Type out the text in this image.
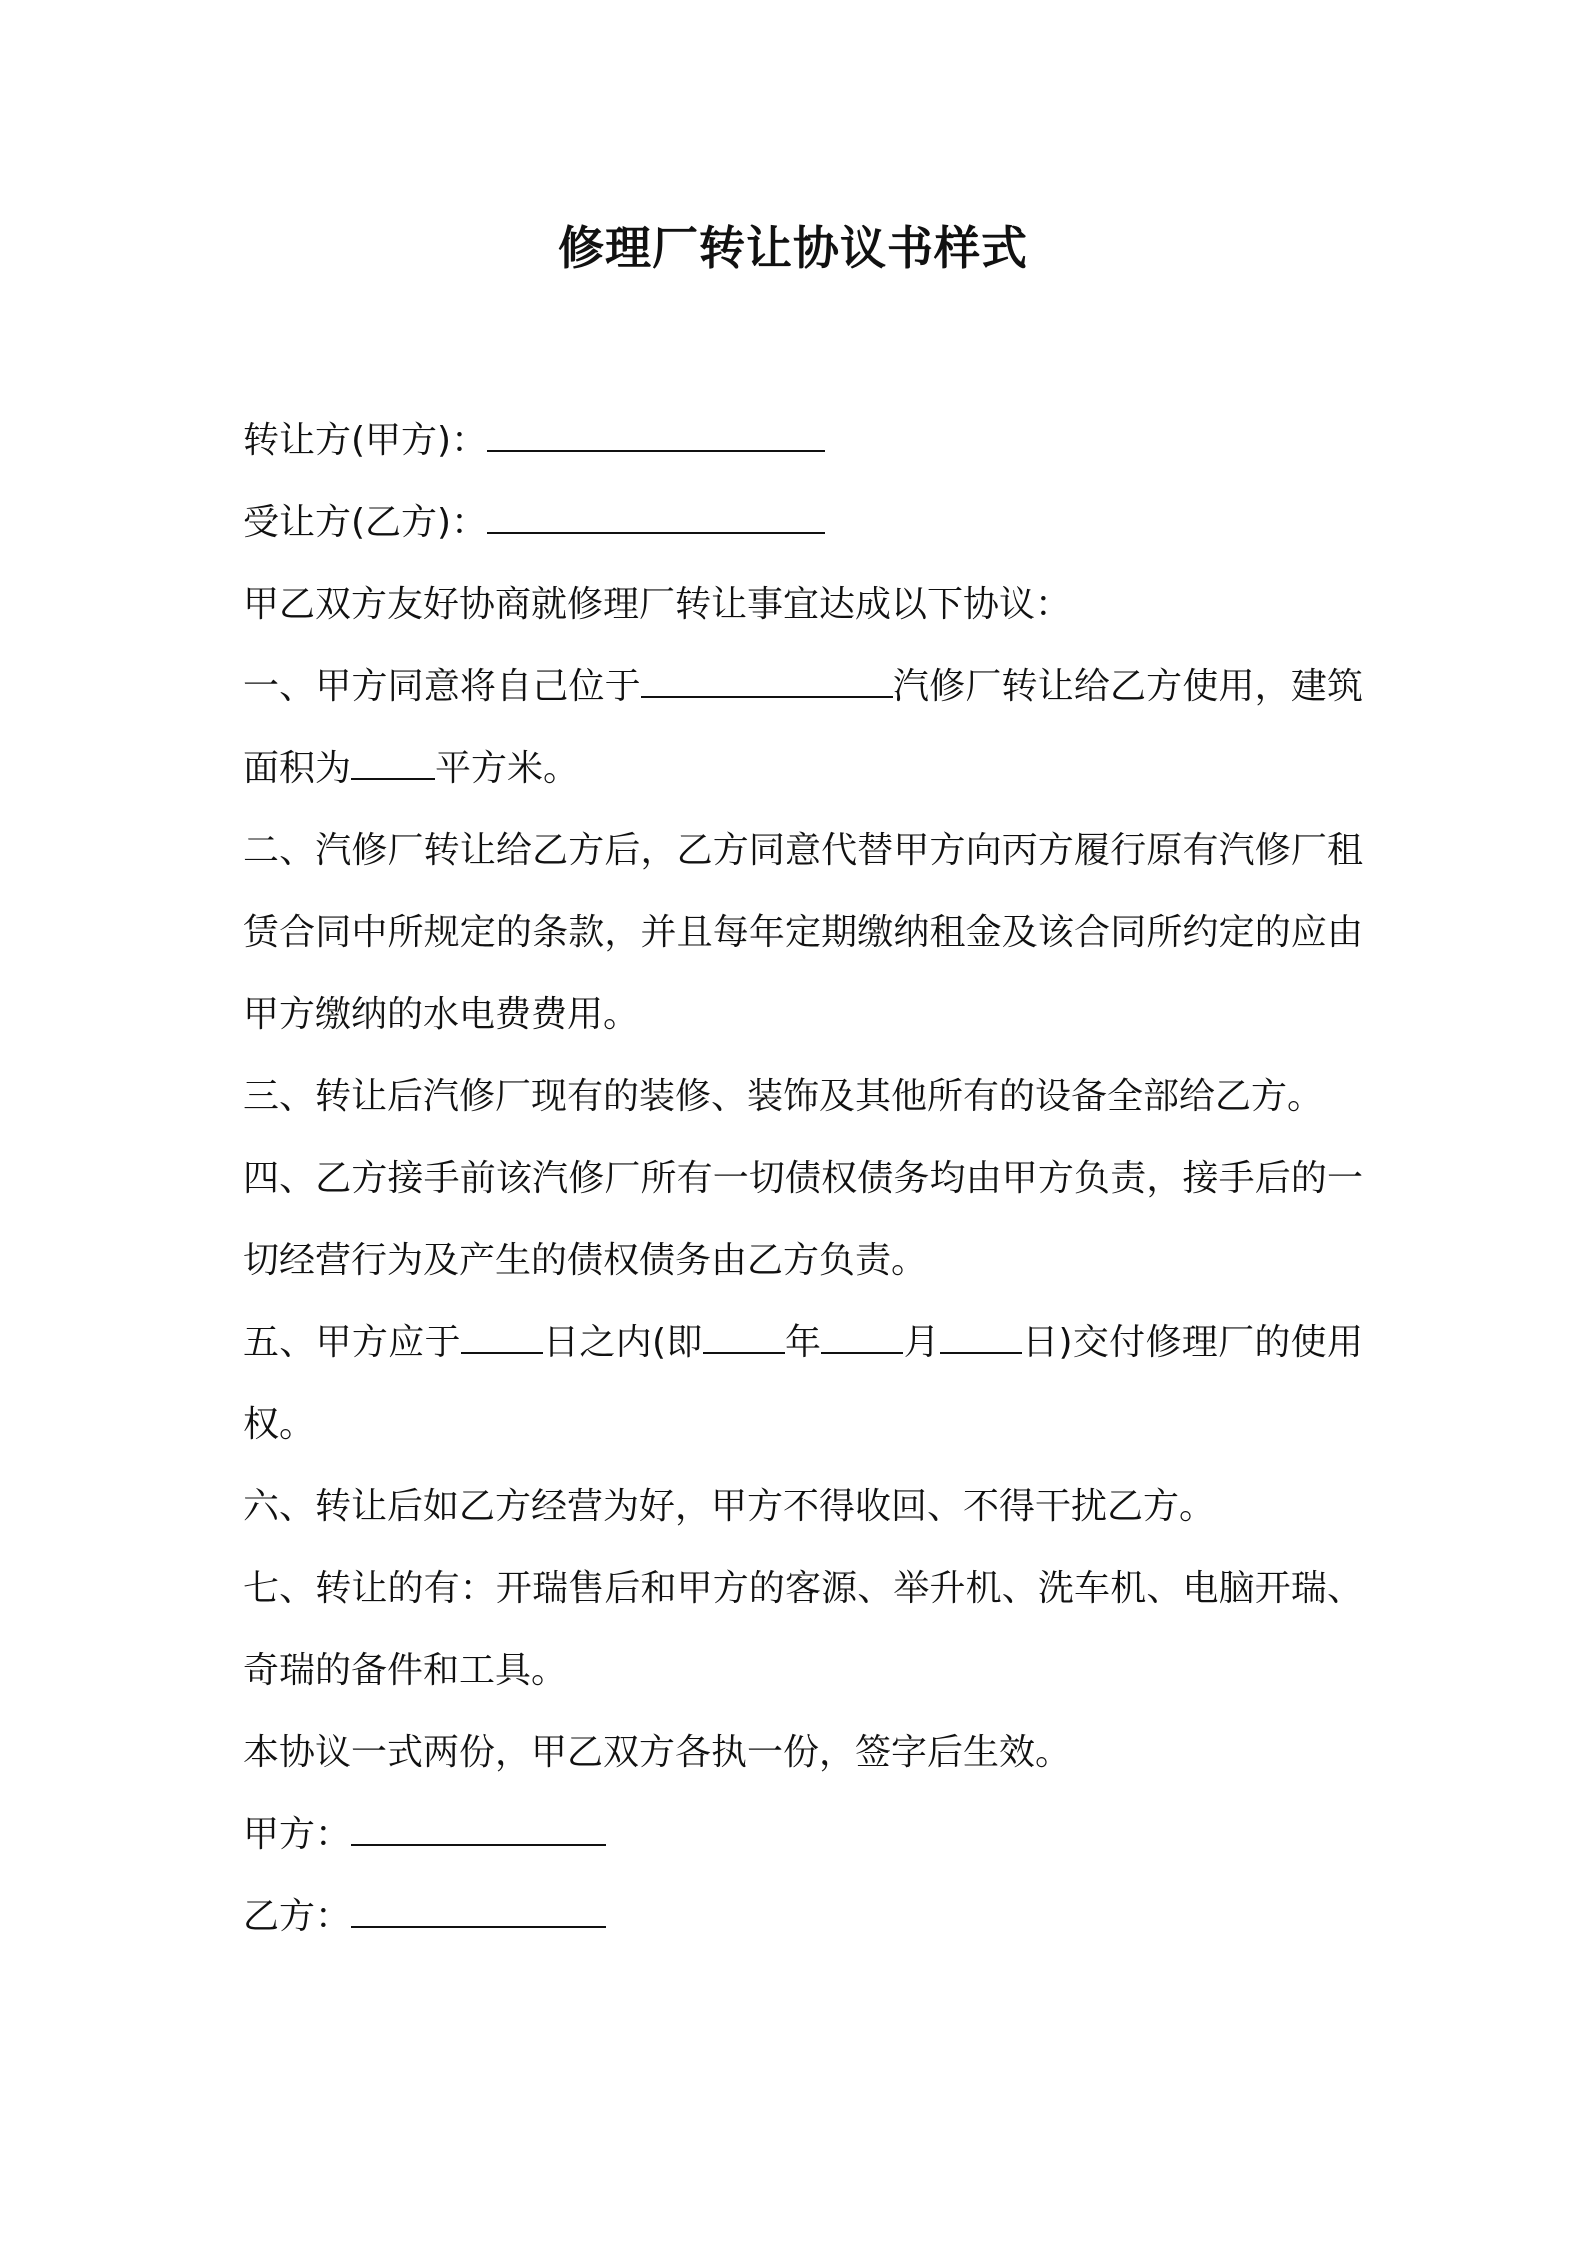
修理厂转让协议书样式

转让方(甲方)：

受让方(乙方)：

甲乙双方友好协商就修理厂转让事宜达成以下协议：

一、甲方同意将自己位于	汽修厂转让给乙方使用，建筑面积为 平方米。

二、汽修厂转让给乙方后，乙方同意代替甲方向丙方履行原有汽修厂租赁合同中所规定的条款，并且每年定期缴纳租金及该合同所约定的应由甲方缴纳的水电费费用。

三、转让后汽修厂现有的装修、装饰及其他所有的设备全部给乙方。

四、乙方接手前该汽修厂所有一切债权债务均由甲方负责，接手后的一切经营行为及产生的债权债务由乙方负责。

五、甲方应于 日之内(即 年 月 日)交付修理厂的使用权。

六、转让后如乙方经营为好，甲方不得收回、不得干扰乙方。

七、转让的有：开瑞售后和甲方的客源、举升机、洗车机、电脑开瑞、奇瑞的备件和工具。

本协议一式两份，甲乙双方各执一份，签字后生效。

甲方：

乙方：
